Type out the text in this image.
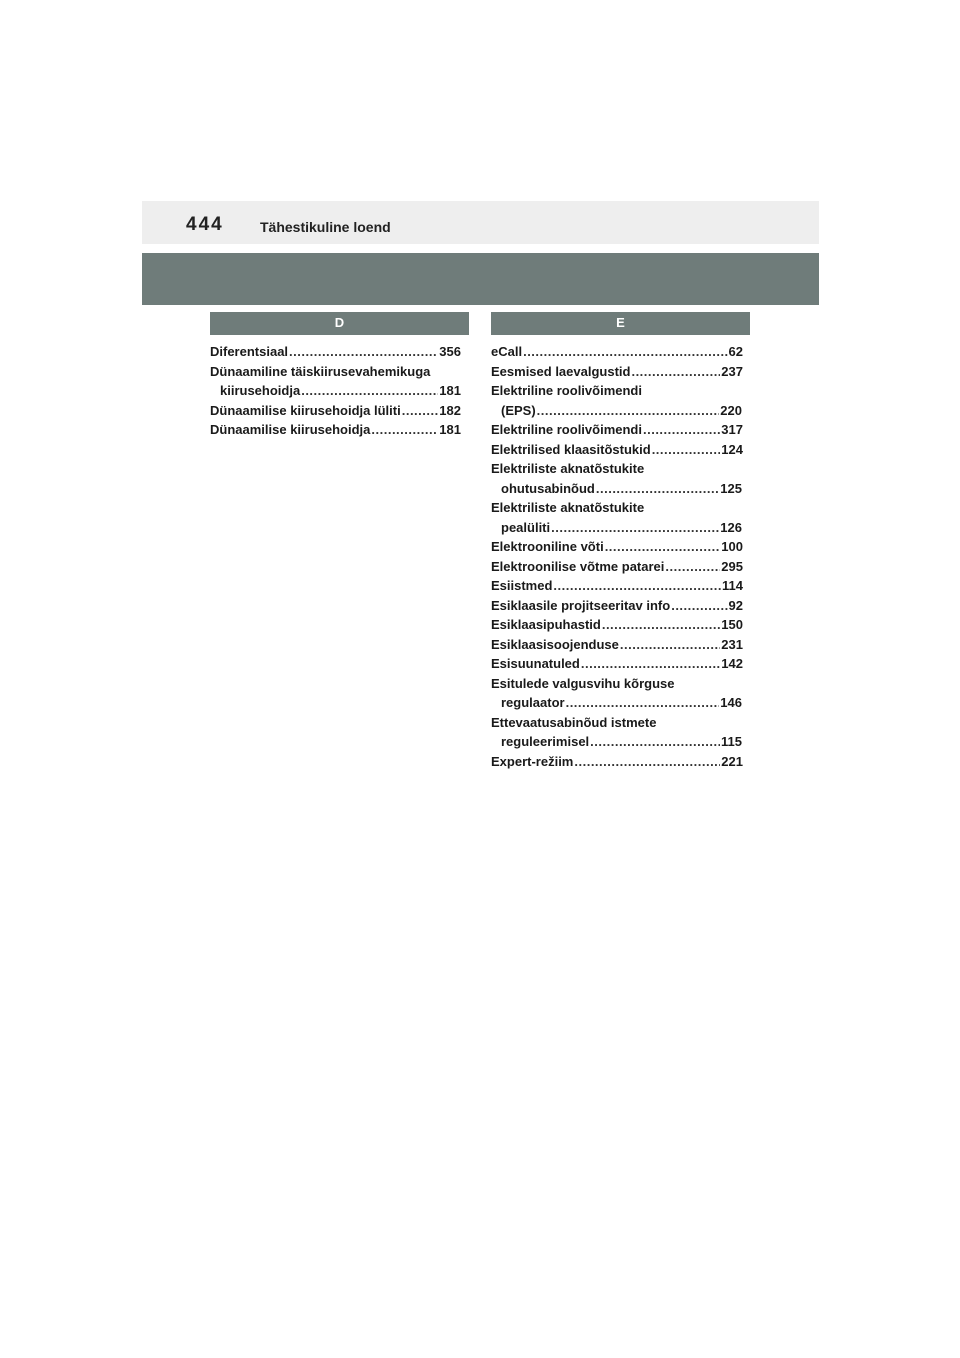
444	Tähestikuline loend
D
Diferentsiaal .....	356
Dünaamiline täiskiirusevahemikuga
kiirusehoidja .....	181
Dünaamilise kiirusehoidja lüliti .....	182
Dünaamilise kiirusehoidja .....	181
E
eCall .....	62
Eesmised laevalgustid .....	237
Elektriline roolivõimendi
(EPS) .....	220
Elektriline roolivõimendi .....	317
Elektrilised klaasitõstukid .....	124
Elektriliste aknatõstukite
ohutusabinõud .....	125
Elektriliste aknatõstukite
pealüliti .....	126
Elektrooniline võti .....	100
Elektroonilise võtme patarei .....	295
Esiistmed .....	114
Esiklaasile projitseeritav info .....	92
Esiklaasipuhastid .....	150
Esiklaasisoojenduse .....	231
Esisuunatuled .....	142
Esitulede valgusvihu kõrguse
regulaator .....	146
Ettevaatusabinõud istmete
reguleerimisel .....	115
Expert-režiim .....	221
